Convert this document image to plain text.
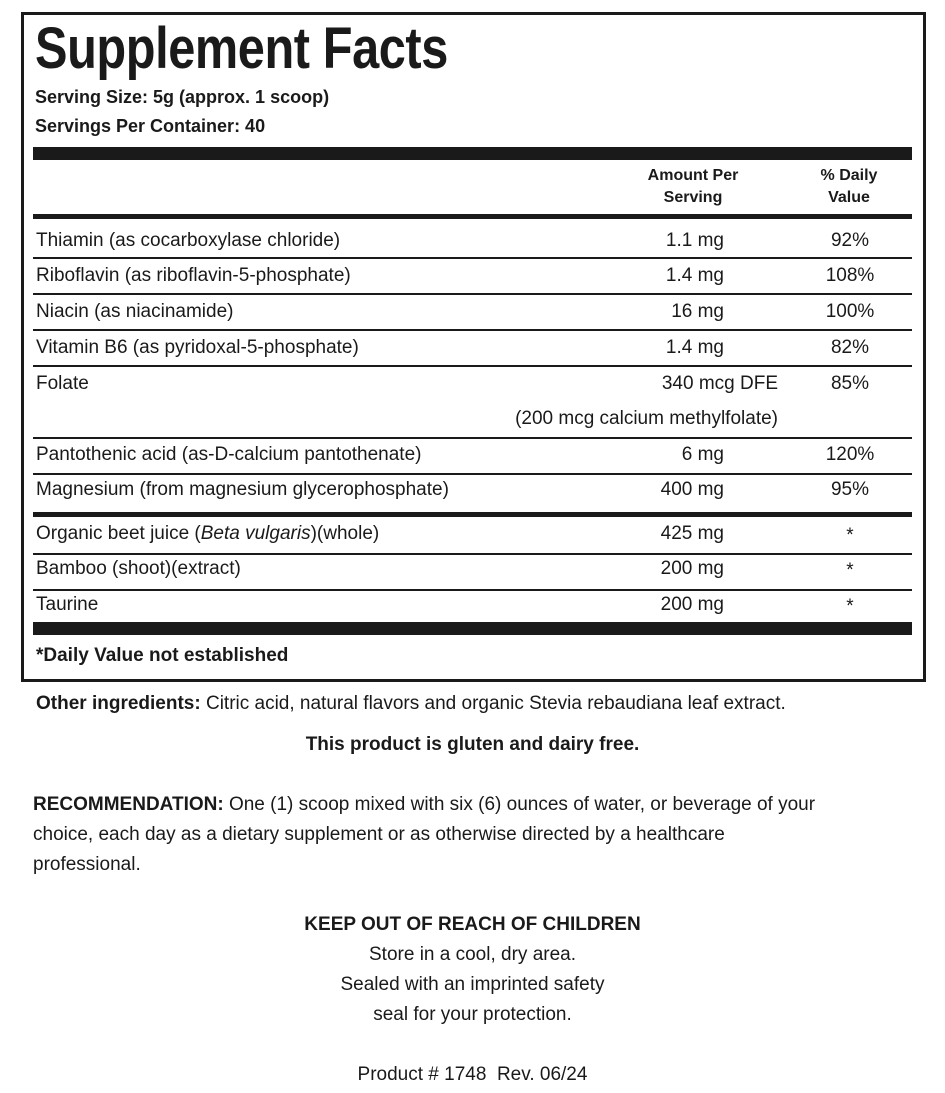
Supplement Facts
Serving Size: 5g (approx. 1 scoop)
Servings Per Container: 40
Amount Per
Serving
% Daily
Value
Thiamin (as cocarboxylase chloride)	1.1 mg	92%
Riboflavin (as riboflavin-5-phosphate)	1.4 mg	108%
Niacin (as niacinamide)	16 mg	100%
Vitamin B6 (as pyridoxal-5-phosphate)	1.4 mg	82%
Folate	340 mcg DFE	85%
(200 mcg calcium methylfolate)
Pantothenic acid (as-D-calcium pantothenate)	6 mg	120%
Magnesium (from magnesium glycerophosphate)	400 mg	95%
Organic beet juice (Beta vulgaris)(whole)	425 mg	*
Bamboo (shoot)(extract)	200 mg	*
Taurine	200 mg	*
*Daily Value not established
Other ingredients: Citric acid, natural flavors and organic Stevia rebaudiana leaf extract.
This product is gluten and dairy free.
RECOMMENDATION: One (1) scoop mixed with six (6) ounces of water, or beverage of your
choice, each day as a dietary supplement or as otherwise directed by a healthcare
professional.
KEEP OUT OF REACH OF CHILDREN
Store in a cool, dry area.
Sealed with an imprinted safety
seal for your protection.
Product # 1748  Rev. 06/24
